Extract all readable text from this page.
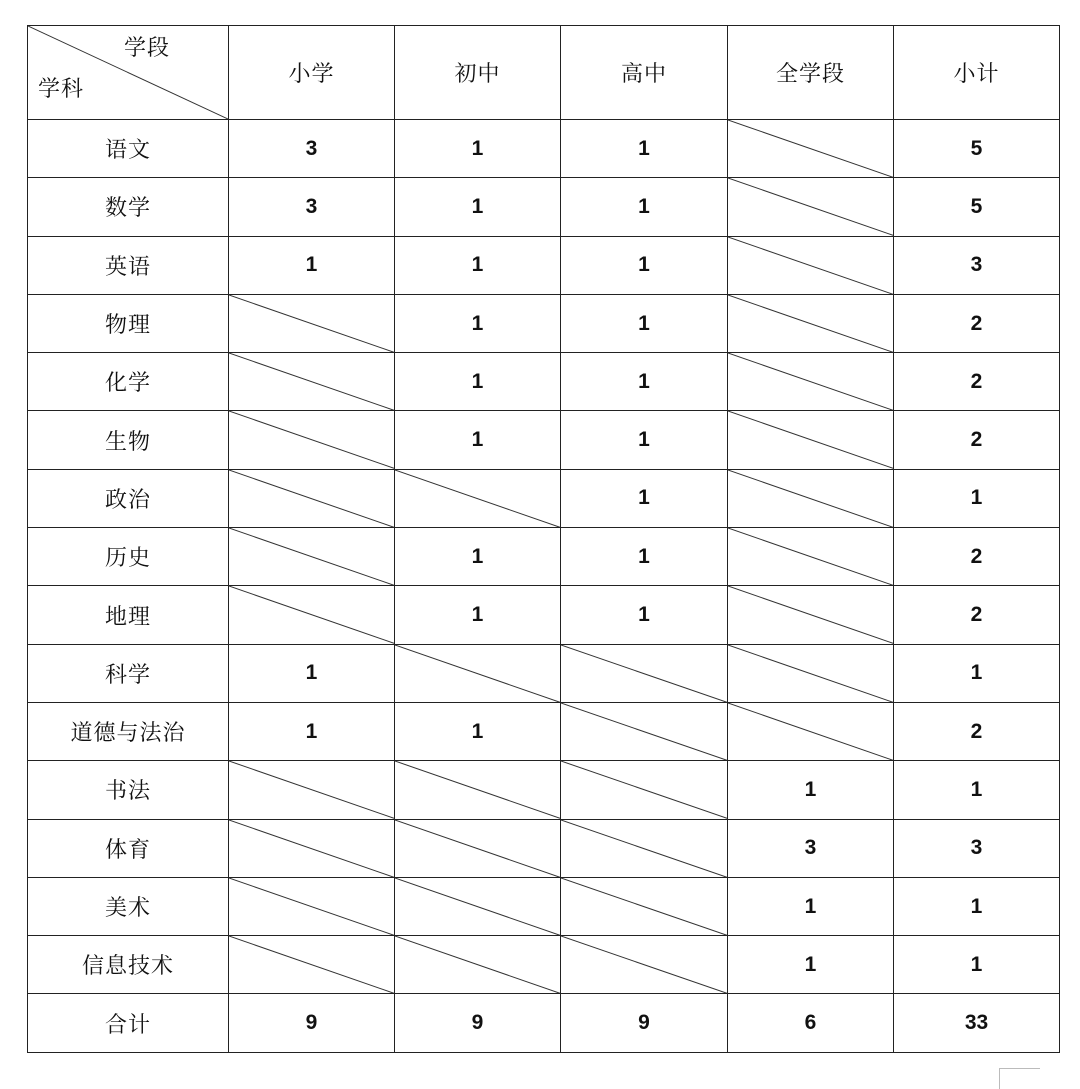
学段
学科	小学	初中	高中	全学段	小计
语文	3	1	1		5
数学	3	1	1		5
英语	1	1	1		3
物理		1	1		2
化学		1	1		2
生物		1	1		2
政治			1		1
历史		1	1		2
地理		1	1		2
科学	1				1
道德与法治	1	1			2
书法				1	1
体育				3	3
美术				1	1
信息技术				1	1
合计	9	9	9	6	33
